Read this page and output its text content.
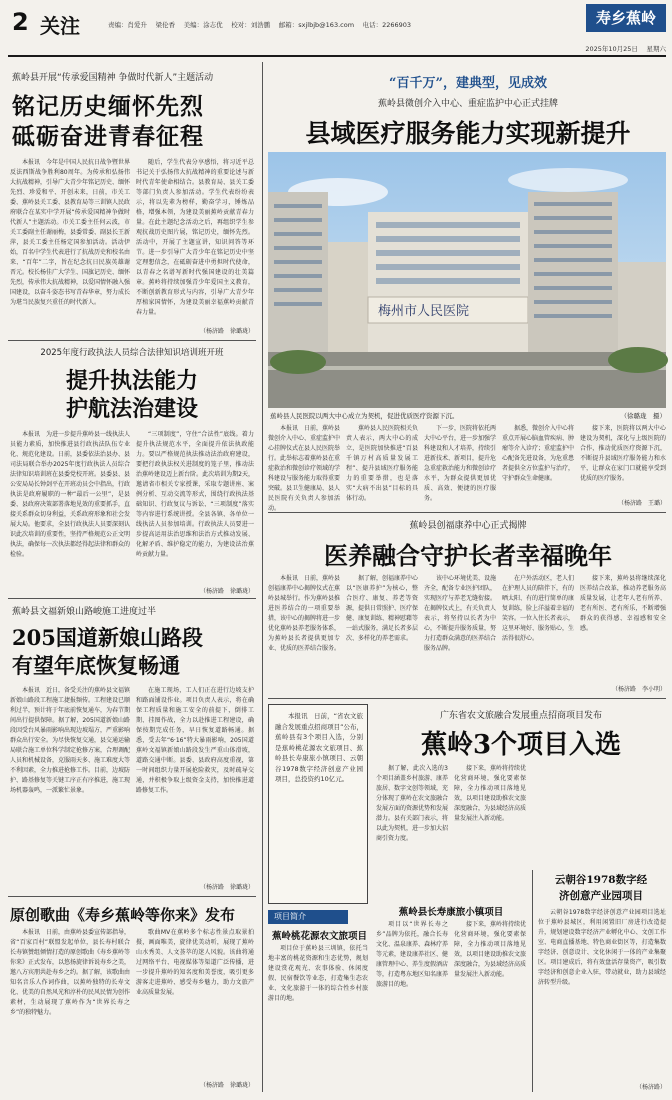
2 关注	责编：肖爱升 　梁伦香 　美编：涂志优 　校对：刘浩鹏 　邮箱：sxjlbjb@163.com 　电话：2266903	寿乡蕉岭
2025年10月25日 　星期六
蕉岭县开展“传承爱国精神 争做时代新人”主题活动
铭记历史缅怀先烈
砥砺奋进青春征程

本报讯　今年是中国人民抗日战争暨世界反法西斯战争胜利80周年。为传承和弘扬伟大抗战精神，引导广大青少年铭记历史、缅怀先烈、珍爱和平、开创未来，日前，市关工委、蕉岭县关工委、县教育局等三训镇人民政府联合在某实中学开展“传承爱国精神争做时代新人”主题活动。市关工委主任何云波，市关工委副主任谢丽梅，县委常委、副县长王新萍，县关工委主任杨定国参加活动。活动伊始，百名中学生代表进行了抗战历史和校名由来、“百年”二字，旨在纪念抗日民族英雄谢晋元。校长杨佳广大学生、国旗记历史、缅怀先烈，传承伟大抗战精神，以爱国情怀融入强国建设，以奋斗姿态书写青春华章，努力成长为堪当民族复兴重任的时代新人。

随后，学生代表分享感悟，将习近平总书记关于弘扬伟大抗战精神的重要论述与新时代青年使命相结合。县教育局、县关工委等部门负责人参加活动。学生代表纷纷表示，将以先辈为榜样，勤奋学习，锤炼品格，增强本领，为建设美丽蕉岭贡献青春力量。在此主题纪念活动之后，再组织学生参观抗战历史图片展，铭记历史，缅怀先烈。活动中，开展了主题宣讲，知识问答等环节。进一步引导广大青少年在铭记历史中坚定理想信念，在砥砺奋进中勇担时代使命，以青春之名谱写新时代强国建设的壮美篇章。蕉岭将持续加强青少年爱国主义教育，不断创新教育形式与内容，引导广大青少年厚植家国情怀，为建设美丽幸福蕉岭贡献青春力量。

（杨济路　徐璐珑）
2025年度行政执法人员综合法律知识培训班开班
提升执法能力
护航法治建设

本报讯　为进一步提升蕉岭县一线执法人员能力素质，加快推进县行政执法队伍专业化、规范化建设。日前，县委依法治县办、县司法局联合举办2025年度行政执法人员综合法律知识培训班在县委党校开班。县委县、县公安局局长钟剑平在开班动员会中指出，行政执法是政府履职的一种“最后一公里”，是县委、县政府决策部署落地见效的重要抓手，直接关系群众切身利益，关系政府形象和社会发展大局。他要求，全县行政执法人员要深刻认识此次培训的重要性，坚持严格规范公正文明执法，确保每一次执法都经得起法律和群众的检验。

“三项制度”，守住“合法性”底线。着力提升执法规范水平，全面提升依法执政能力。要以严格规范执法推动法治政府建设，要把行政执法权关进制度的笼子里，推动法治蕉岭建设迈上新台阶。此次培训为期2天，邀请省市相关专家授课，采取专题讲座、案例分析、互动交流等形式，围绕行政执法基础知识、行政复议与诉讼、“三项制度”落实等内容进行系统讲授。全县各镇、各单位一线执法人员参加培训。行政执法人员要进一步提高运用法治思维和法治方式推动发展、化解矛盾、维护稳定的能力，为建设法治蕉岭贡献力量。

（杨济路　徐璐珑）
蕉岭县文福新娘山路峻施工进度过半
205国道新娘山路段
有望年底恢复畅通

本报讯　近日，备受关注的蕉岭县文福镇新娘山路段工程施工捷报频传。工程建设已顺利过半，预计将于年底前恢复通车，为春节期间出行提供保障。据了解，205国道新娘山路段因受台风暴雨影响出现边坡塌方，严重影响群众出行安全。为尽快恢复交通，县交通运输局联合施工单位科学制定抢修方案，合理调配人员和机械设备，克服雨天多、施工难度大等不利因素，全力推进抢修工作。目前，边坡防护、路基修复等关键工序正有序推进，施工现场机器轰鸣，一派繁忙景象。

在施工现场，工人们正在进行边坡支护和路面铺设作业。项目负责人表示，将在确保工程质量和施工安全的前提下，倒排工期、挂图作战，全力以赴推进工程建设，确保按期完成任务，早日恢复道路畅通。据悉，受去年“6·16”特大暴雨影响，205国道蕉岭文福镇新娘山路段发生严重山体滑坡，道路交通中断。县委、县政府高度重视，第一时间组织力量开展抢险救灾，及时疏导交通，并积极争取上级资金支持，加快推进道路修复工作。

（杨济路　徐璐珑）
原创歌曲《寿乡蕉岭等你来》发布

本报讯　日前，由蕉岭县委宣传部指导，省“百家百村”联盟发起单位，县长寿村联合长寿镇赞组倾情打造的原创歌曲《寿乡蕉岭等你来》正式发布，以悠扬旋律诉说寿乡之美，邀八方宾朋共赴寿乡之约。据了解，该歌曲由知名音乐人作词作曲，以蕉岭独特的长寿文化、优美的自然风光和淳朴的民风民情为创作素材，生动展现了蕉岭作为“世界长寿之乡”的独特魅力。

歌曲MV在蕉岭多个标志性景点取景拍摄，画面唯美，旋律优美动听，展现了蕉岭山水秀美、人文荟萃的迷人风貌。该曲将通过网络平台、电视媒体等渠道广泛传播，进一步提升蕉岭的知名度和美誉度，吸引更多游客走进蕉岭、感受寿乡魅力，助力文旅产业高质量发展。

（杨济路　徐璐珑）
“百千万”，建典型，见成效
蕉岭县微创介入中心、重症监护中心正式挂牌
县域医疗服务能力实现新提升
梅州市人民医院
蕉岭县人民医院以两大中心成立为契机，促进优质医疗资源下沉。	（徐璐珑　摄）

本报讯　日前，蕉岭县微创介入中心、重症监护中心挂牌仪式在县人民医院举行。此举标志着蕉岭县在重症救治和微创诊疗领域的学科建设与服务能力取得重要突破。县卫生健康局、县人民医院有关负责人参加活动。

蕉岭县人民医院相关负责人表示，两大中心的成立，是医院加快推进“百县千镇万村高质量发展工程”、提升县域医疗服务能力的重要举措，也是落实“大病不出县”目标的具体行动。

下一步，医院将依托两大中心平台，进一步加强学科建设和人才培养，持续引进新技术、新项目，提升危急重症救治能力和微创诊疗水平，为群众提供更加优质、高效、便捷的医疗服务。

据悉，微创介入中心将重点开展心脑血管疾病、肿瘤等介入诊疗；重症监护中心配备先进设备，为危重患者提供全方位监护与治疗，守护群众生命健康。

接下来，医院将以两大中心建设为契机，深化与上级医院的合作，推动优质医疗资源下沉，不断提升县域医疗服务能力和水平，让群众在家门口就能享受到优质的医疗服务。

（杨济路　王璐）
蕉岭县创福康养中心正式揭牌
医养融合守护长者幸福晚年

本报讯　日前，蕉岭县创福康养中心揭牌仪式在蕉岭县城举行。作为蕉岭县推进医养结合的一项重要举措，该中心的揭牌将进一步优化蕉岭县养老服务体系，为蕉岭县长者提供更加专业、优质的医养结合服务。

据了解，创福康养中心以“医康养护”为核心，整合医疗、康复、养老等资源，提供日常照护、医疗保健、康复训练、精神慰藉等一站式服务，满足长者多层次、多样化的养老需求。

该中心环境优美、设施齐全，配备专业医护团队，实现医疗与养老无缝衔接。在揭牌仪式上，有关负责人表示，将坚持以长者为中心，不断提升服务质量，努力打造群众满意的医养结合服务品牌。

在户外活动区，老人们在护理人员的陪伴下，有的晒太阳、有的进行简单的康复训练，脸上洋溢着幸福的笑容。一位入住长者表示，这里环境好、服务贴心，生活得很舒心。

接下来，蕉岭县将继续深化医养结合改革，推动养老服务高质量发展，让老年人老有所养、老有所医、老有所乐，不断增强群众的获得感、幸福感和安全感。

（杨济路　李小明）

本报讯　日前，“省农文旅融合发展重点招商项目”公布，蕉岭县有3个项目入选，分别是蕉岭桃花源农文旅项目、蕉岭县长寿康旅小镇项目、云朝谷1978数字经济创意产业园项目，总投资约10亿元。

广东省农文旅融合发展重点招商项目发布
蕉岭3个项目入选

据了解，此次入选的3个项目涵盖乡村旅游、康养旅居、数字文创等领域，充分体现了蕉岭在农文旅融合发展方面的资源优势和发展潜力。县有关部门表示，将以此为契机，进一步加大招商引资力度。

接下来，蕉岭将持续优化营商环境，强化要素保障，全力推动项目落地见效，以项目建设助推农文旅深度融合，为县域经济高质量发展注入新动能。

项目简介
蕉岭桃花源农文旅项目

项目位于蕉岭县三圳镇，依托当地丰富的桃花资源和生态优势，规划建设赏花观光、农事体验、休闲度假、民宿餐饮等业态，打造集生态农业、文化旅游于一体的综合性乡村旅游目的地。

蕉岭县长寿康旅小镇项目

项目以“世界长寿之乡”品牌为依托，融合长寿文化、温泉康养、森林疗养等元素，建设康养社区、健康管理中心、养生度假酒店等，打造粤东地区知名康养旅游目的地。

接下来，蕉岭将持续优化营商环境，强化要素保障，全力推动项目落地见效，以项目建设助推农文旅深度融合，为县域经济高质量发展注入新动能。

云朝谷1978数字经
济创意产业园项目

云朝谷1978数字经济创意产业园项目选址位于蕉岭县城区，利用闲置旧厂房进行改造提升，规划建设数字经济产业孵化中心、文创工作室、电商直播基地、特色商业街区等，打造集数字经济、创意设计、文化休闲于一体的产业集聚区。项目建成后，将有效盘活存量资产，吸引数字经济和创意企业入驻，带动就业，助力县域经济转型升级。

（杨济路）
